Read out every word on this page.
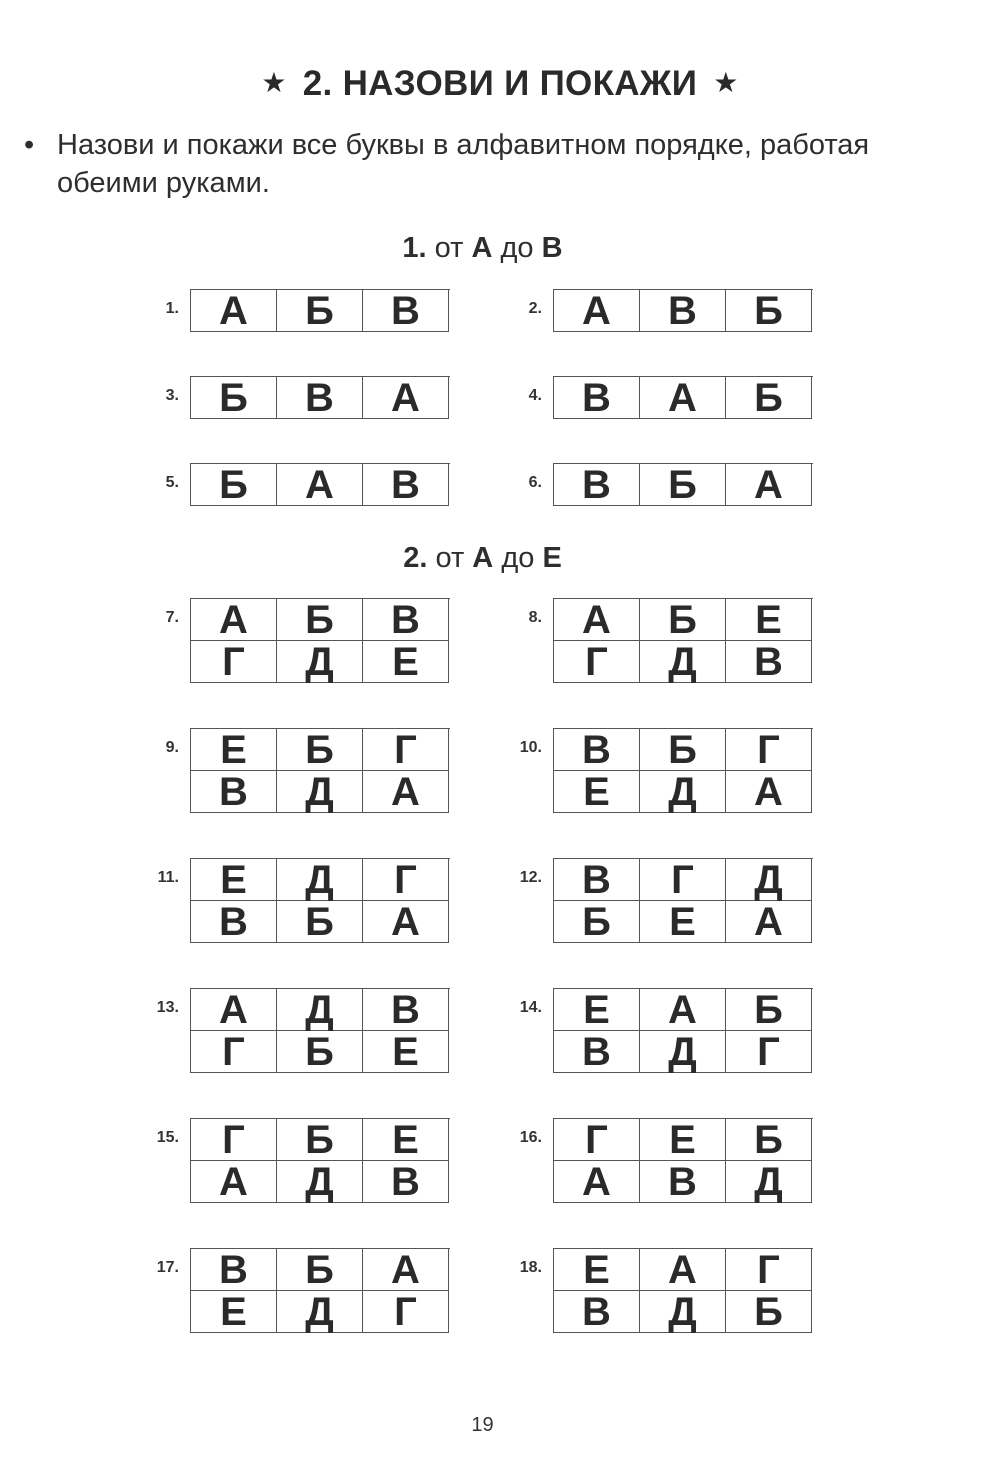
★ 2. НАЗОВИ И ПОКАЖИ ★
• Назови и покажи все буквы в алфавитном порядке, работая обеими руками.
1. от А до В
2. от А до Е
1.	А	Б	В	2.	А	В	Б
3.	Б	В	А	4.	В	А	Б
5.	Б	А	В	6.	В	Б	А
7.	А	Б	В
Г	Д	Е
8.	А	Б	Е
Г	Д	В
9.	Е	Б	Г
В	Д	А
10.	В	Б	Г
Е	Д	А
11.	Е	Д	Г
В	Б	А
12.	В	Г	Д
Б	Е	А
13.	А	Д	В
Г	Б	Е
14.	Е	А	Б
В	Д	Г
15.	Г	Б	Е
А	Д	В
16.	Г	Е	Б
А	В	Д
17.	В	Б	А
Е	Д	Г
18.	Е	А	Г
В	Д	Б
19
